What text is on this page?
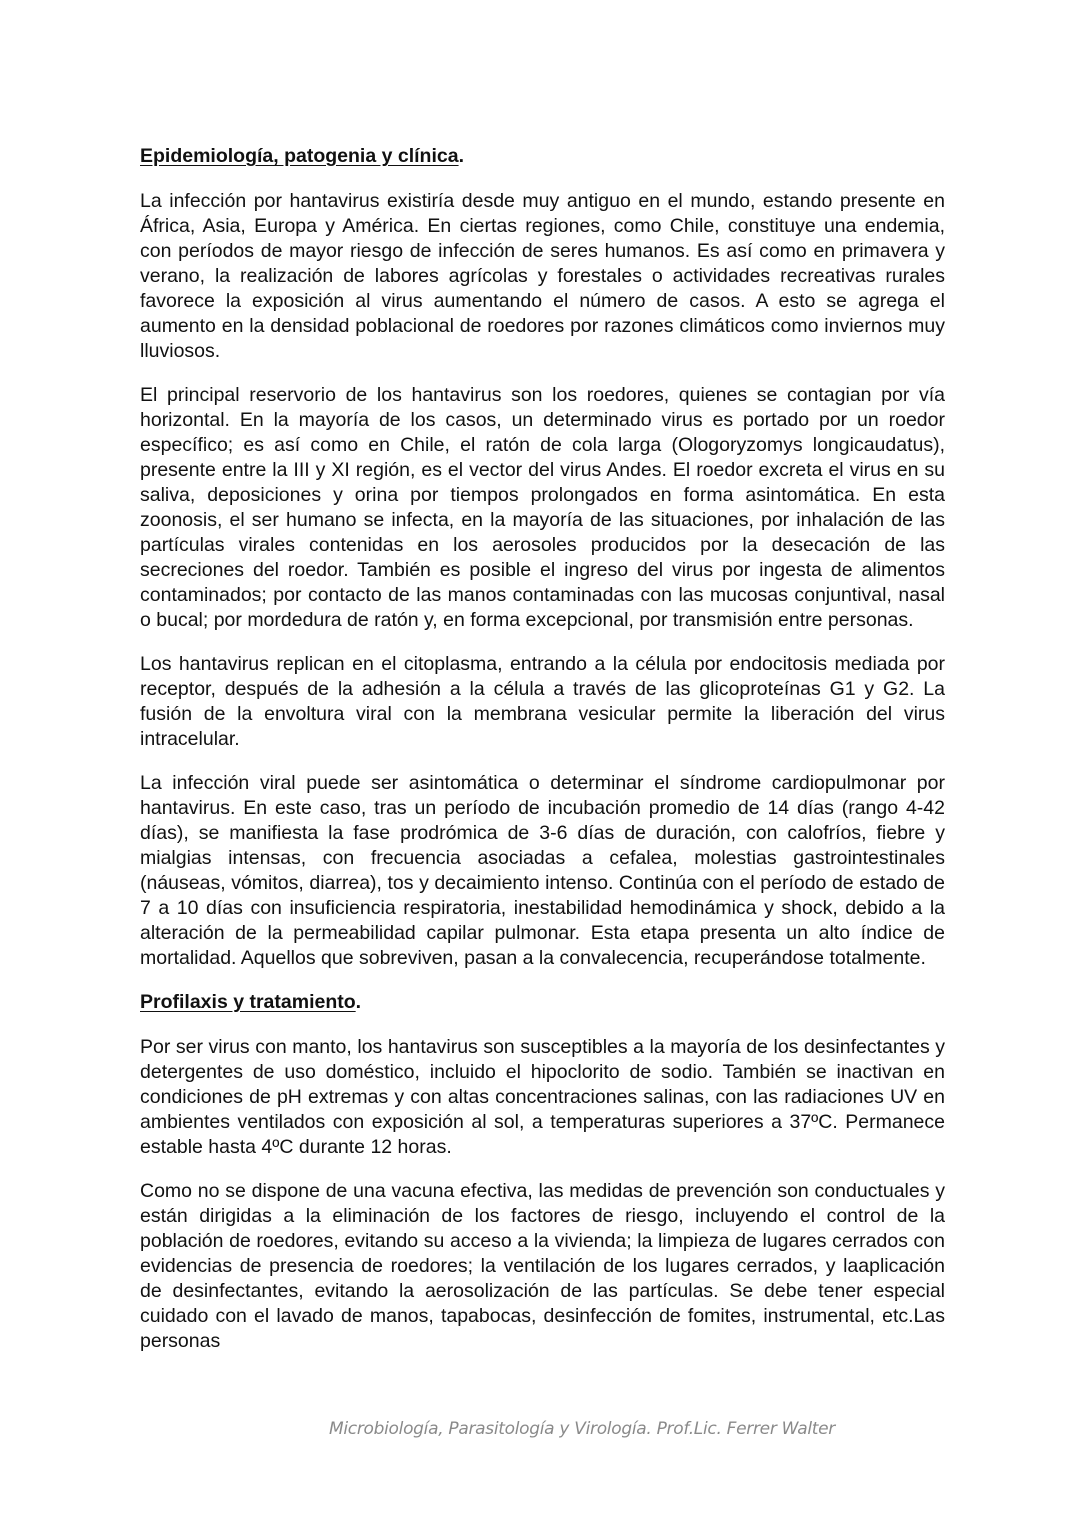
Epidemiología, patogenia y clínica.

La infección por hantavirus existiría desde muy antiguo en el mundo, estando presente en África, Asia, Europa y América. En ciertas regiones, como Chile, constituye una endemia, con períodos de mayor riesgo de infección de seres humanos. Es así como en primavera y verano, la realización de labores agrícolas y forestales o actividades recreativas rurales favorece la exposición al virus aumentando el número de casos. A esto se agrega el aumento en la densidad poblacional de roedores por razones climáticos como inviernos muy lluviosos.

El principal reservorio de los hantavirus son los roedores, quienes se contagian por vía horizontal. En la mayoría de los casos, un determinado virus es portado por un roedor específico; es así como en Chile, el ratón de cola larga (Ologoryzomys longicaudatus), presente entre la III y XI región, es el vector del virus Andes. El roedor excreta el virus en su saliva, deposiciones y orina por tiempos prolongados en forma asintomática. En esta zoonosis, el ser humano se infecta, en la mayoría de las situaciones, por inhalación de las partículas virales contenidas en los aerosoles producidos por la desecación de las secreciones del roedor. También es posible el ingreso del virus por ingesta de alimentos contaminados; por contacto de las manos contaminadas con las mucosas conjuntival, nasal o bucal; por mordedura de ratón y, en forma excepcional, por transmisión entre personas.

Los hantavirus replican en el citoplasma, entrando a la célula por endocitosis mediada por receptor, después de la adhesión a la célula a través de las glicoproteínas G1 y G2. La fusión de la envoltura viral con la membrana vesicular permite la liberación del virus intracelular.

La infección viral puede ser asintomática o determinar el síndrome cardiopulmonar por hantavirus. En este caso, tras un período de incubación promedio de 14 días (rango 4-42 días), se manifiesta la fase prodrómica de 3-6 días de duración, con calofríos, fiebre y mialgias intensas, con frecuencia asociadas a cefalea, molestias gastrointestinales (náuseas, vómitos, diarrea), tos y decaimiento intenso. Continúa con el período de estado de 7 a 10 días con insuficiencia respiratoria, inestabilidad hemodinámica y shock, debido a la alteración de la permeabilidad capilar pulmonar. Esta etapa presenta un alto índice de mortalidad. Aquellos que sobreviven, pasan a la convalecencia, recuperándose totalmente.

Profilaxis y tratamiento.

Por ser virus con manto, los hantavirus son susceptibles a la mayoría de los desinfectantes y detergentes de uso doméstico, incluido el hipoclorito de sodio. También se inactivan en condiciones de pH extremas y con altas concentraciones salinas, con las radiaciones UV en ambientes ventilados con exposición al sol, a temperaturas superiores a 37ºC. Permanece estable hasta 4ºC durante 12 horas.

Como no se dispone de una vacuna efectiva, las medidas de prevención son conductuales y están dirigidas a la eliminación de los factores de riesgo, incluyendo el control de la población de roedores, evitando su acceso a la vivienda; la limpieza de lugares cerrados con evidencias de presencia de roedores; la ventilación de los lugares cerrados, y laaplicación de desinfectantes, evitando la aerosolización de las partículas. Se debe tener especial cuidado con el lavado de manos, tapabocas, desinfección de fomites, instrumental, etc.Las personas

Microbiología, Parasitología y Virología. Prof.Lic. Ferrer Walter
